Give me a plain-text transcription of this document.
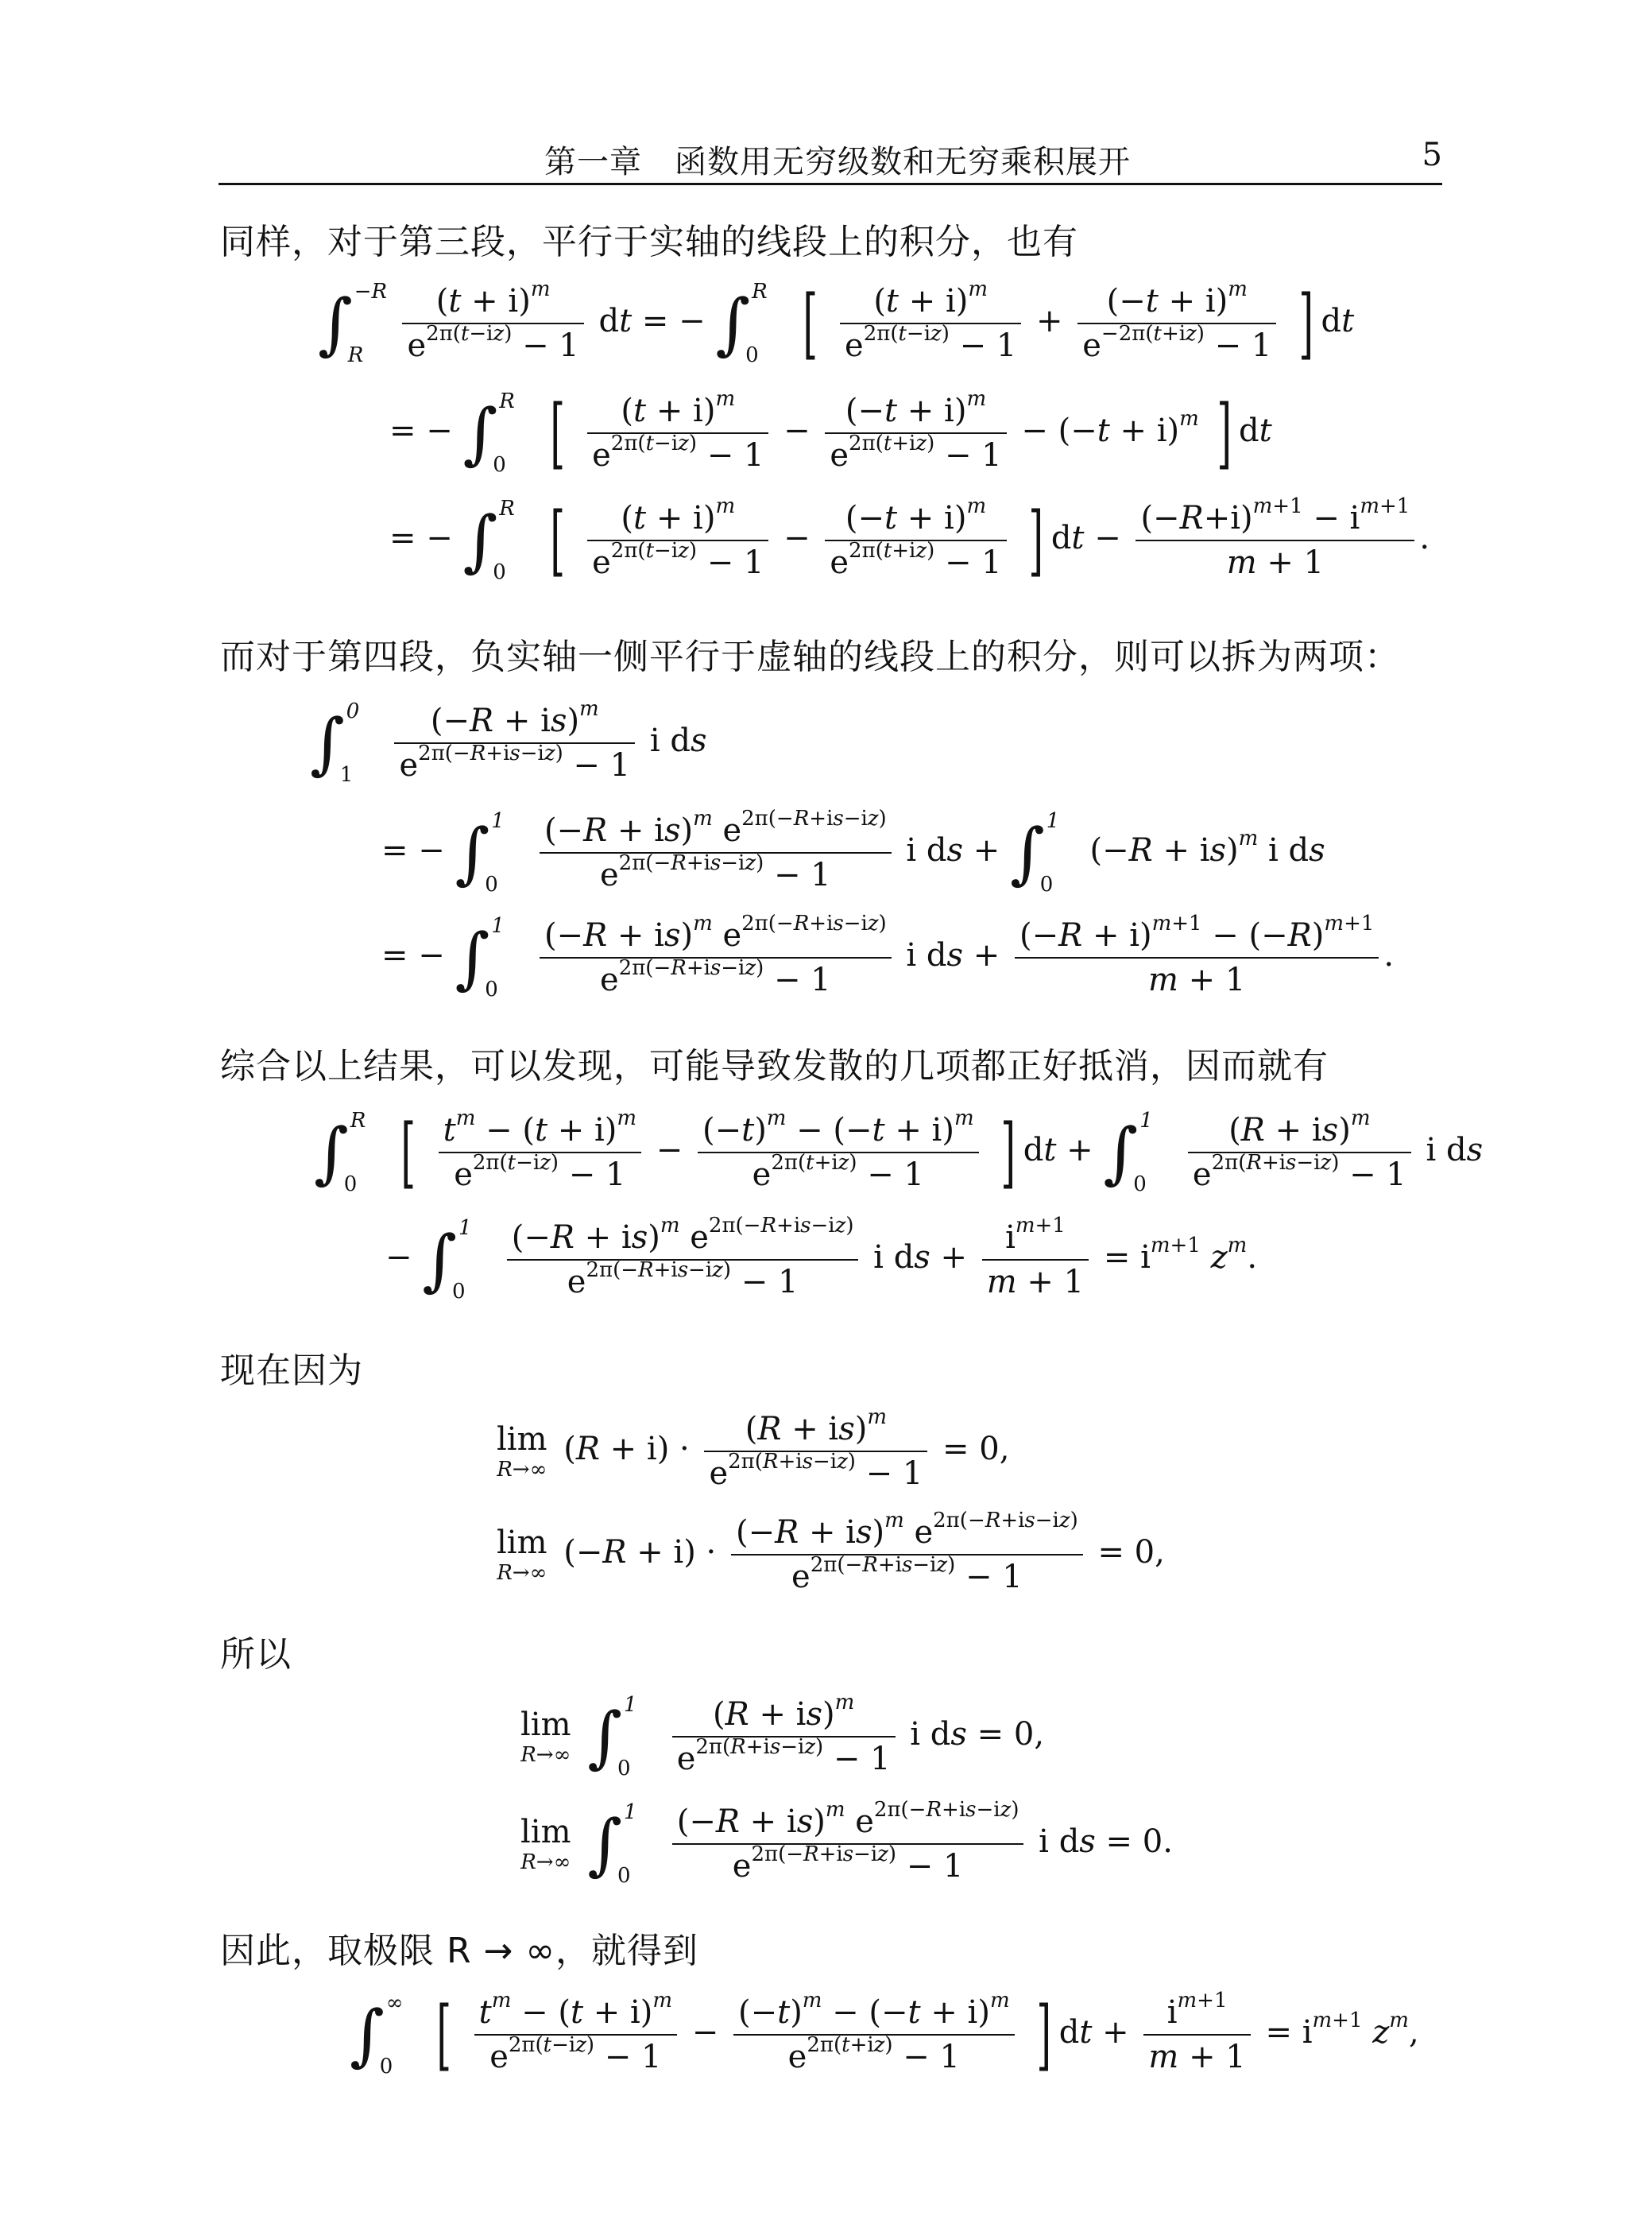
第一章　函数用无穷级数和无穷乘积展开	5
同样，对于第三段，平行于实轴的线段上的积分，也有
∫ −R
R
$\frac{(t + i)^m}{e^{2\pi(t-iz)} - 1}$ dt = − ∫ R
0 [ $\frac{(t + i)^m}{e^{2\pi(t-iz)} - 1} + \frac{(-t + i)^m}{e^{-2\pi(t+iz)} - 1}$ ] dt
= − ∫ R
0 [ $\frac{(t + i)^m}{e^{2\pi(t-iz)} - 1} - \frac{(-t + i)^m}{e^{2\pi(t+iz)} - 1} - (-t + i)^m$ ] dt
= − ∫ R
0 [ $\frac{(t + i)^m}{e^{2\pi(t-iz)} - 1} - \frac{(-t + i)^m}{e^{2\pi(t+iz)} - 1}$ ] dt − $\frac{(-R+i)^{m+1} - i^{m+1}}{m + 1}$ .
而对于第四段，负实轴一侧平行于虚轴的线段上的积分，则可以拆为两项：
∫ 0
1
$\frac{(-R + is)^m}{e^{2\pi(-R+is-iz)} - 1}$ i ds
= − ∫ 1
0
$\frac{(-R + is)^m e^{2\pi(-R+is-iz)}}{e^{2\pi(-R+is-iz)} - 1}$ i ds + ∫ 1
0
(−R + is)$^m$ i ds
= − ∫ 1
0
$\frac{(-R + is)^m e^{2\pi(-R+is-iz)}}{e^{2\pi(-R+is-iz)} - 1}$ i ds + $\frac{(-R + i)^{m+1} - (-R)^{m+1}}{m + 1}$ .
综合以上结果，可以发现，可能导致发散的几项都正好抵消，因而就有
∫ R
0 [ $\frac{t^m - (t + i)^m}{e^{2\pi(t-iz)} - 1} - \frac{(-t)^m - (-t + i)^m}{e^{2\pi(t+iz)} - 1}$ ] dt + ∫ 1
0
$\frac{(R + is)^m}{e^{2\pi(R+is-iz)} - 1}$ i ds
− ∫ 1
0
$\frac{(-R + is)^m e^{2\pi(-R+is-iz)}}{e^{2\pi(-R+is-iz)} - 1}$ i ds + $\frac{i^{m+1}}{m + 1} = i^{m+1}$ $z^m$.
现在因为
lim
R→∞
$(R + i) \cdot \frac{(R + is)^m}{e^{2\pi(R+is-iz)} - 1} = 0$,
lim
R→∞
$(-R + i) \cdot \frac{(-R + is)^m e^{2\pi(-R+is-iz)}}{e^{2\pi(-R+is-iz)} - 1} = 0$,
所以
lim
R→∞ ∫ 1
0
$\frac{(R + is)^m}{e^{2\pi(R+is-iz)} - 1}$ i ds = 0,
lim
R→∞ ∫ 1
0
$\frac{(-R + is)^m e^{2\pi(-R+is-iz)}}{e^{2\pi(-R+is-iz)} - 1}$ i ds = 0.
因此，取极限 R → ∞，就得到
∫ ∞
0 [ $\frac{t^m - (t + i)^m}{e^{2\pi(t-iz)} - 1} - \frac{(-t)^m - (-t + i)^m}{e^{2\pi(t+iz)} - 1}$ ] dt + $\frac{i^{m+1}}{m + 1} = i^{m+1}$ $z^m$,
